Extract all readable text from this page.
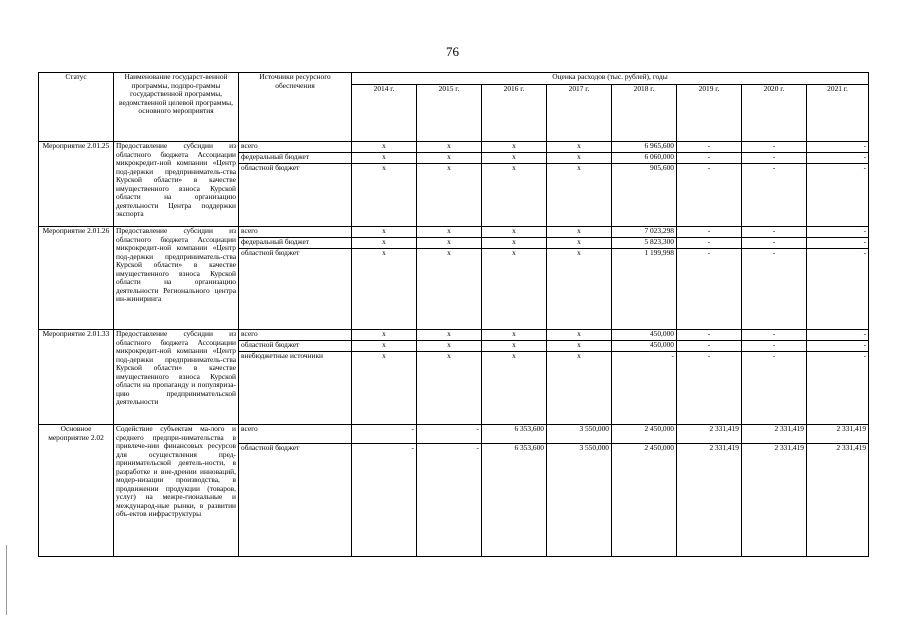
76
Статус	Наименование государст-венной программы, подпро-граммы государственной программы, ведомственной целевой программы, основного мероприятия	Источники ресурсного обеспечения	Оценка расходов (тыс. рублей), годы							
			2014 г.	2015 г.	2016 г.	2017 г.	2018 г.	2019 г.	2020 г.	2021 г.
Мероприятие 2.01.25	Предоставление субсидии из областного бюджета Ассоциации микрокредит-ной компании «Центр под-держки предприниматель-ства Курской области» в качестве имущественного взноса Курской области на организацию деятельности Центра поддержки экспорта	всего	x	x	x	x	6 965,600	-	-	-
		федеральный бюджет	x	x	x	x	6 060,000	-	-	-
		областной бюджет	x	x	x	x	905,600	-	-	-
Мероприятие 2.01.26	Предоставление субсидии из областного бюджета Ассоциации микрокредит-ной компании «Центр под-держки предприниматель-ства Курской области» в качестве имущественного взноса Курской области на организацию деятельности Регионального центра ин-жиниринга	всего	x	x	x	x	7 023,298	-	-	-
		федеральный бюджет	x	x	x	x	5 823,300	-	-	-
		областной бюджет	x	x	x	x	1 199,998	-	-	-
Мероприятие 2.01.33	Предоставление субсидии из областного бюджета Ассоциации микрокредит-ной компании «Центр под-держки предприниматель-ства Курской области» в качестве имущественного взноса Курской области на пропаганду и популяриза-цию предпринимательской деятельности	всего	x	x	x	x	450,000	-	-	-
		областной бюджет	x	x	x	x	450,000	-	-	-
		внебюджетные источники	x	x	x	x	-	-	-	-
Основное мероприятие 2.02	Содействие субъектам ма-лого и среднего предпри-нимательства в привлече-нии финансовых ресурсов для осуществления пред-принимательской деятель-ности, в разработке и вне-дрении инноваций, модер-низации производства, в продвижении продукции (товаров, услуг) на межре-гиональные и международ-ные рынки, в развитии объ-ектов инфраструктуры	всего	-	-	6 353,600	3 550,000	2 450,000	2 331,419	2 331,419	2 331,419
		областной бюджет	-	-	6 353,600	3 550,000	2 450,000	2 331,419	2 331,419	2 331,419
